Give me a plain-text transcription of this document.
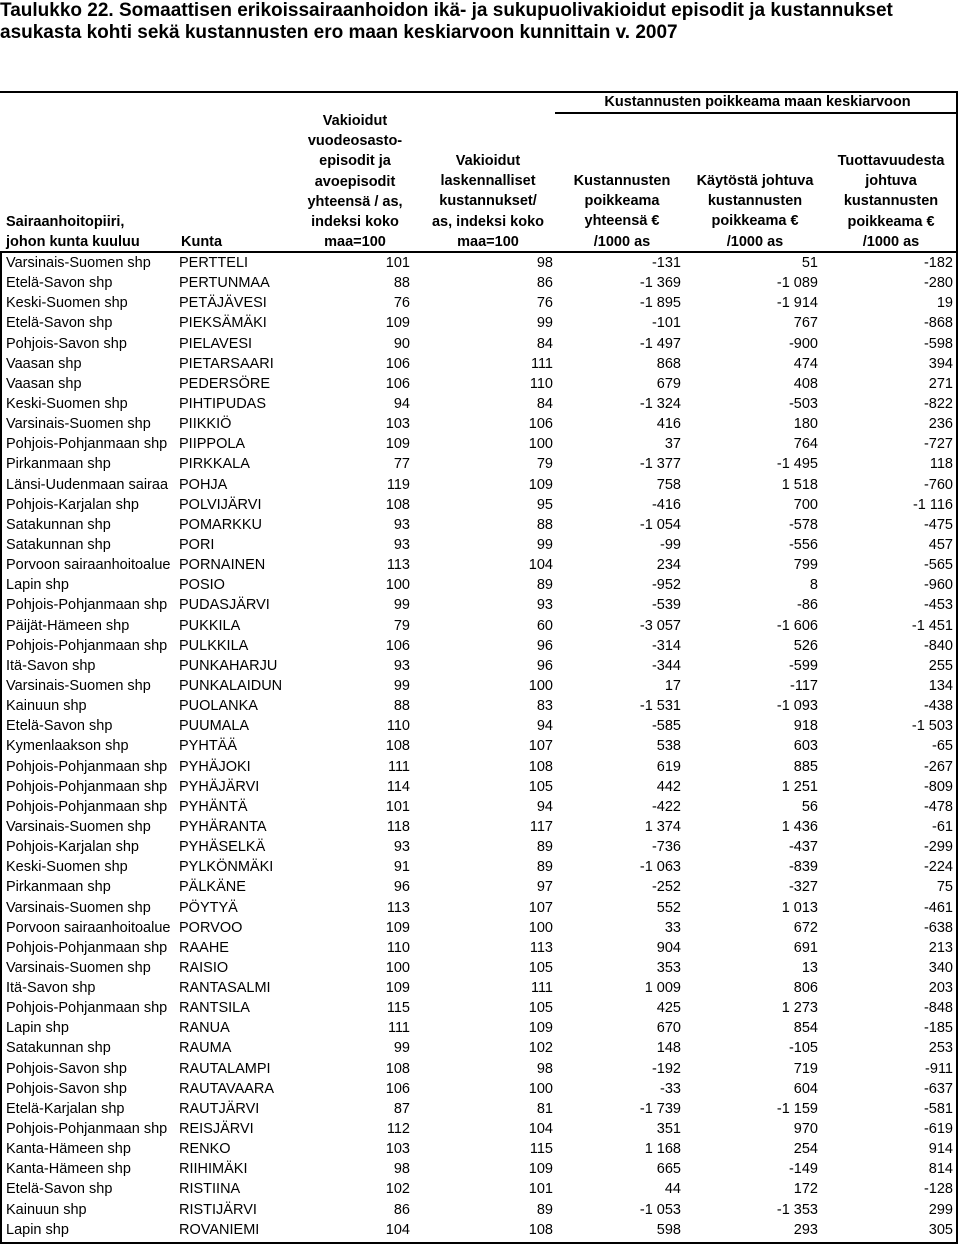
Taulukko 22. Somaattisen erikoissairaanhoidon ikä- ja sukupuolivakioidut episodit ja kustannukset
asukasta kohti sekä kustannusten ero maan keskiarvoon kunnittain v. 2007
Kustannusten poikkeama maan keskiarvoon
Sairaanhoitopiiri,
johon kunta kuuluu	Kunta
Vakioidut
vuodeosasto-
episodit ja
avoepisodit
yhteensä / as,
indeksi koko
maa=100
Vakioidut
laskennalliset
kustannukset/
as, indeksi koko
maa=100
Kustannusten
poikkeama
yhteensä €
/1000 as
Käytöstä johtuva
kustannusten
poikkeama €
/1000 as
Tuottavuudesta
johtuva
kustannusten
poikkeama €
/1000 as
Varsinais-Suomen shp	PERTTELI	101	98	-131	51	-182
Etelä-Savon shp	PERTUNMAA	88	86	-1 369	-1 089	-280
Keski-Suomen shp	PETÄJÄVESI	76	76	-1 895	-1 914	19
Etelä-Savon shp	PIEKSÄMÄKI	109	99	-101	767	-868
Pohjois-Savon shp	PIELAVESI	90	84	-1 497	-900	-598
Vaasan shp	PIETARSAARI	106	111	868	474	394
Vaasan shp	PEDERSÖRE	106	110	679	408	271
Keski-Suomen shp	PIHTIPUDAS	94	84	-1 324	-503	-822
Varsinais-Suomen shp	PIIKKIÖ	103	106	416	180	236
Pohjois-Pohjanmaan shp PIIPPOLA	109	100	37	764	-727
Pirkanmaan shp	PIRKKALA	77	79	-1 377	-1 495	118
Länsi-Uudenmaan sairaa POHJA	119	109	758	1 518	-760
Pohjois-Karjalan shp	POLVIJÄRVI	108	95	-416	700	-1 116
Satakunnan shp	POMARKKU	93	88	-1 054	-578	-475
Satakunnan shp	PORI	93	99	-99	-556	457
Porvoon sairaanhoitoalue PORNAINEN	113	104	234	799	-565
Lapin shp	POSIO	100	89	-952	8	-960
Pohjois-Pohjanmaan shp PUDASJÄRVI	99	93	-539	-86	-453
Päijät-Hämeen shp	PUKKILA	79	60	-3 057	-1 606	-1 451
Pohjois-Pohjanmaan shp PULKKILA	106	96	-314	526	-840
Itä-Savon shp	PUNKAHARJU	93	96	-344	-599	255
Varsinais-Suomen shp	PUNKALAIDUN	99	100	17	-117	134
Kainuun shp	PUOLANKA	88	83	-1 531	-1 093	-438
Etelä-Savon shp	PUUMALA	110	94	-585	918	-1 503
Kymenlaakson shp	PYHTÄÄ	108	107	538	603	-65
Pohjois-Pohjanmaan shp PYHÄJOKI	111	108	619	885	-267
Pohjois-Pohjanmaan shp PYHÄJÄRVI	114	105	442	1 251	-809
Pohjois-Pohjanmaan shp PYHÄNTÄ	101	94	-422	56	-478
Varsinais-Suomen shp	PYHÄRANTA	118	117	1 374	1 436	-61
Pohjois-Karjalan shp	PYHÄSELKÄ	93	89	-736	-437	-299
Keski-Suomen shp	PYLKÖNMÄKI	91	89	-1 063	-839	-224
Pirkanmaan shp	PÄLKÄNE	96	97	-252	-327	75
Varsinais-Suomen shp	PÖYTYÄ	113	107	552	1 013	-461
Porvoon sairaanhoitoalue PORVOO	109	100	33	672	-638
Pohjois-Pohjanmaan shp RAAHE	110	113	904	691	213
Varsinais-Suomen shp	RAISIO	100	105	353	13	340
Itä-Savon shp	RANTASALMI	109	111	1 009	806	203
Pohjois-Pohjanmaan shp RANTSILA	115	105	425	1 273	-848
Lapin shp	RANUA	111	109	670	854	-185
Satakunnan shp	RAUMA	99	102	148	-105	253
Pohjois-Savon shp	RAUTALAMPI	108	98	-192	719	-911
Pohjois-Savon shp	RAUTAVAARA	106	100	-33	604	-637
Etelä-Karjalan shp	RAUTJÄRVI	87	81	-1 739	-1 159	-581
Pohjois-Pohjanmaan shp REISJÄRVI	112	104	351	970	-619
Kanta-Hämeen shp	RENKO	103	115	1 168	254	914
Kanta-Hämeen shp	RIIHIMÄKI	98	109	665	-149	814
Etelä-Savon shp	RISTIINA	102	101	44	172	-128
Kainuun shp	RISTIJÄRVI	86	89	-1 053	-1 353	299
Lapin shp	ROVANIEMI	104	108	598	293	305
